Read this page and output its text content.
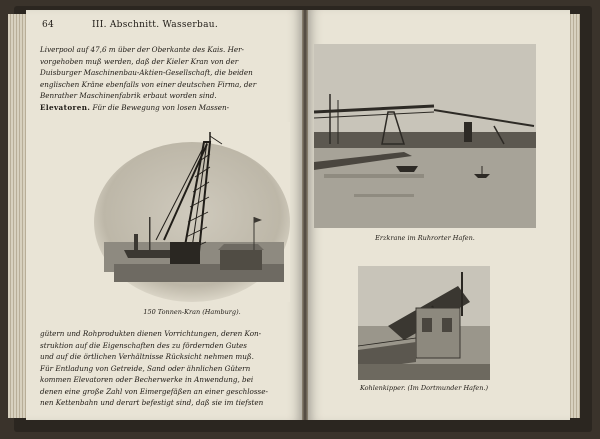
64	III. Abschnitt. Wasserbau.
Liverpool auf 47,6 m über der Oberkante des Kais. Her-
vorgehoben muß werden, daß der Kieler Kran von der
Duisburger Maschinenbau-Aktien-Gesellschaft, die beiden
englischen Kräne ebenfalls von einer deutschen Firma, der
Benrather Maschinenfabrik erbaut worden sind.
Elevatoren. Für die Bewegung von losen Massen-
150 Tonnen-Kran (Hamburg).
gütern und Rohprodukten dienen Vorrichtungen, deren Kon-
struktion auf die Eigenschaften des zu fördernden Gutes
und auf die örtlichen Verhältnisse Rücksicht nehmen muß.
Für Entladung von Getreide, Sand oder ähnlichen Gütern
kommen Elevatoren oder Becherwerke in Anwendung, bei
denen eine große Zahl von Eimergefäßen an einer geschlosse-
nen Kettenbahn und derart befestigt sind, daß sie im tiefsten
Erzkrane im Ruhrorter Hafen.
Kohlenkipper. (Im Dortmunder Hafen.)
